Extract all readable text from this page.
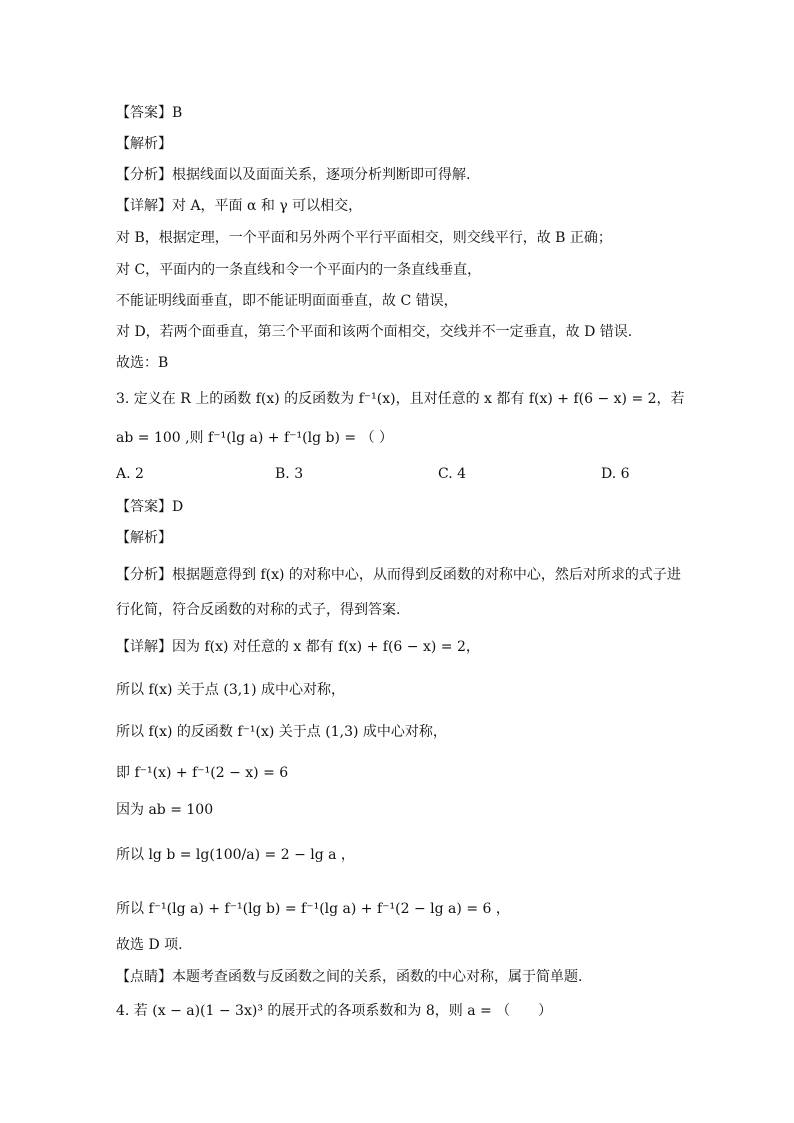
【答案】B
【解析】
【分析】根据线面以及面面关系，逐项分析判断即可得解.
【详解】对 A，平面 α 和 γ 可以相交，
对 B，根据定理，一个平面和另外两个平行平面相交，则交线平行，故 B 正确；
对 C，平面内的一条直线和令一个平面内的一条直线垂直，
不能证明线面垂直，即不能证明面面垂直，故 C 错误，
对 D，若两个面垂直，第三个平面和该两个面相交，交线并不一定垂直，故 D 错误.
故选：B
3. 定义在 R 上的函数 f(x) 的反函数为 f⁻¹(x)，且对任意的 x 都有 f(x) + f(6 − x) = 2，若
ab = 100 ,则 f⁻¹(lg a) + f⁻¹(lg b) = （ ）
A. 2	B. 3	C. 4	D. 6
【答案】D
【解析】
【分析】根据题意得到 f(x) 的对称中心，从而得到反函数的对称中心，然后对所求的式子进
行化简，符合反函数的对称的式子，得到答案.
【详解】因为 f(x) 对任意的 x 都有 f(x) + f(6 − x) = 2，
所以 f(x) 关于点 (3,1) 成中心对称，
所以 f(x) 的反函数 f⁻¹(x) 关于点 (1,3) 成中心对称，
即 f⁻¹(x) + f⁻¹(2 − x) = 6
因为 ab = 100
所以 lg b = lg(100/a) = 2 − lg a ，
所以 f⁻¹(lg a) + f⁻¹(lg b) = f⁻¹(lg a) + f⁻¹(2 − lg a) = 6 ，
故选 D 项.
【点睛】本题考查函数与反函数之间的关系，函数的中心对称，属于简单题.
4. 若 (x − a)(1 − 3x)³ 的展开式的各项系数和为 8，则 a = （　　）
